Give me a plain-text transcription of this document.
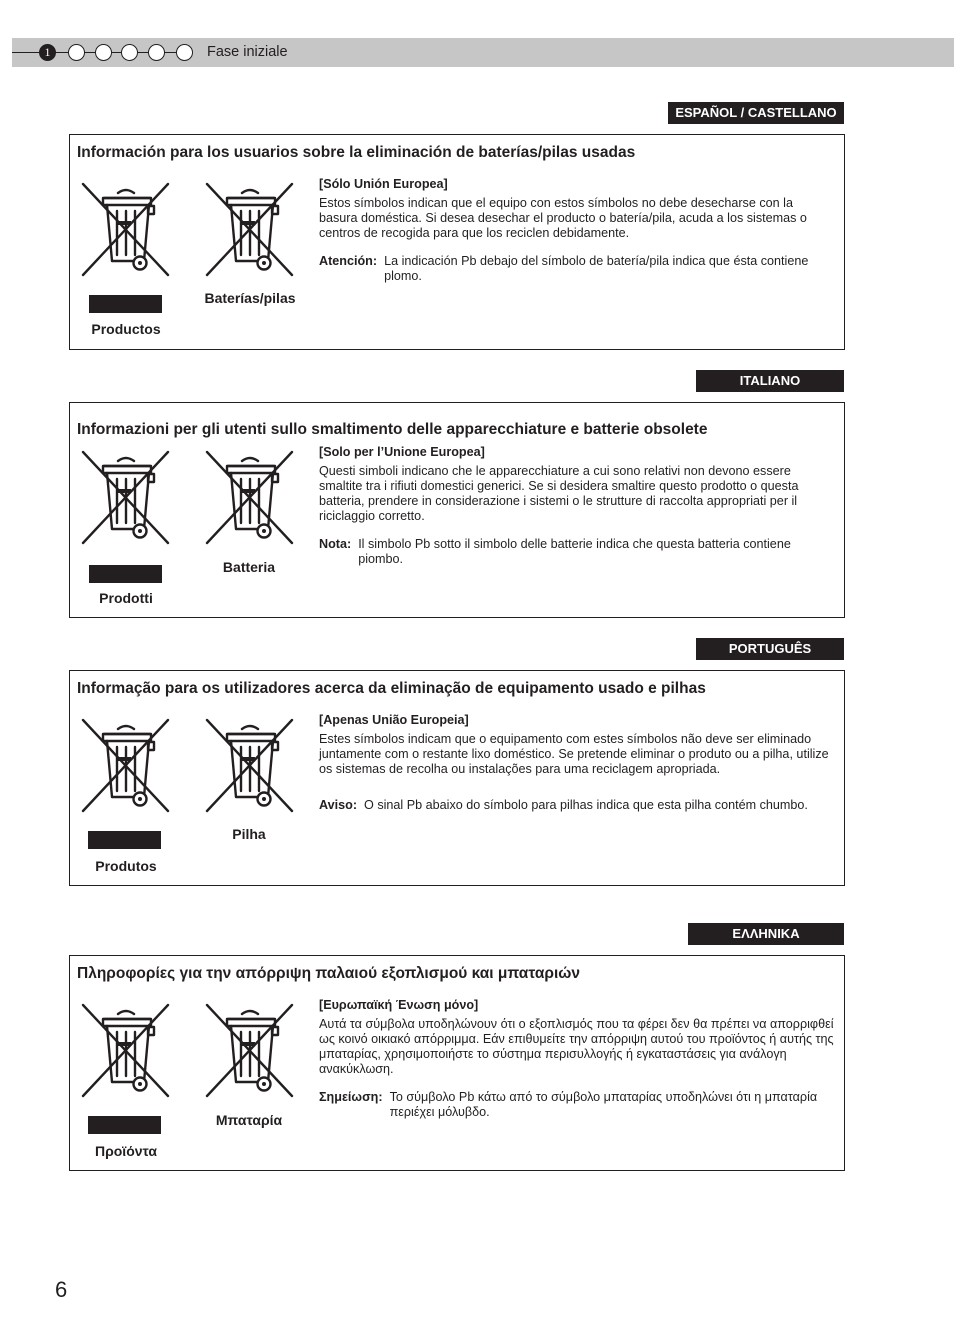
1	Fase iniziale
ESPAÑOL / CASTELLANO
Información para los usuarios sobre la eliminación de baterías/pilas usadas
Productos
Baterías/pilas

[Sólo Unión Europea]

Estos símbolos indican que el equipo con estos símbolos no debe desecharse con la basura doméstica. Si desea desechar el producto o batería/pila, acuda a los sistemas o centros de recogida para que los reciclen debidamente.

Atención: La indicación Pb debajo del símbolo de batería/pila indica que ésta contiene plomo.
ITALIANO
Informazioni per gli utenti sullo smaltimento delle apparecchiature e batterie obsolete
Prodotti
Batteria

[Solo per l’Unione Europea]

Questi simboli indicano che le apparecchiature a cui sono relativi non devono essere smaltite tra i rifiuti domestici generici. Se si desidera smaltire questo prodotto o questa batteria, prendere in considerazione i sistemi o le strutture di raccolta appropriati per il riciclaggio corretto.

Nota: Il simbolo Pb sotto il simbolo delle batterie indica che questa batteria contiene piombo.
PORTUGUÊS
Informação para os utilizadores acerca da eliminação de equipamento usado e pilhas
Produtos
Pilha

[Apenas União Europeia]

Estes símbolos indicam que o equipamento com estes símbolos não deve ser eliminado juntamente com o restante lixo doméstico. Se pretende eliminar o produto ou a pilha, utilize os sistemas de recolha ou instalações para uma reciclagem apropriada.

Aviso: O sinal Pb abaixo do símbolo para pilhas indica que esta pilha contém chumbo.
ΕΛΛΗΝΙΚΑ
Πληροφορίες για την απόρριψη παλαιού εξοπλισμού και μπαταριών
Προϊόντα
Μπαταρία

[Ευρωπαϊκή Ένωση μόνο]

Αυτά τα σύμβολα υποδηλώνουν ότι ο εξοπλισμός που τα φέρει δεν θα πρέπει να απορριφθεί ως κοινό οικιακό απόρριμμα. Εάν επιθυμείτε την απόρριψη αυτού του προϊόντος ή αυτής της μπαταρίας, χρησιμοποιήστε το σύστημα περισυλλογής ή εγκαταστάσεις για ανάλογη ανακύκλωση.

Σημείωση: Το σύμβολο Pb κάτω από το σύμβολο μπαταρίας υποδηλώνει ότι η μπαταρία περιέχει μόλυβδο.
6
